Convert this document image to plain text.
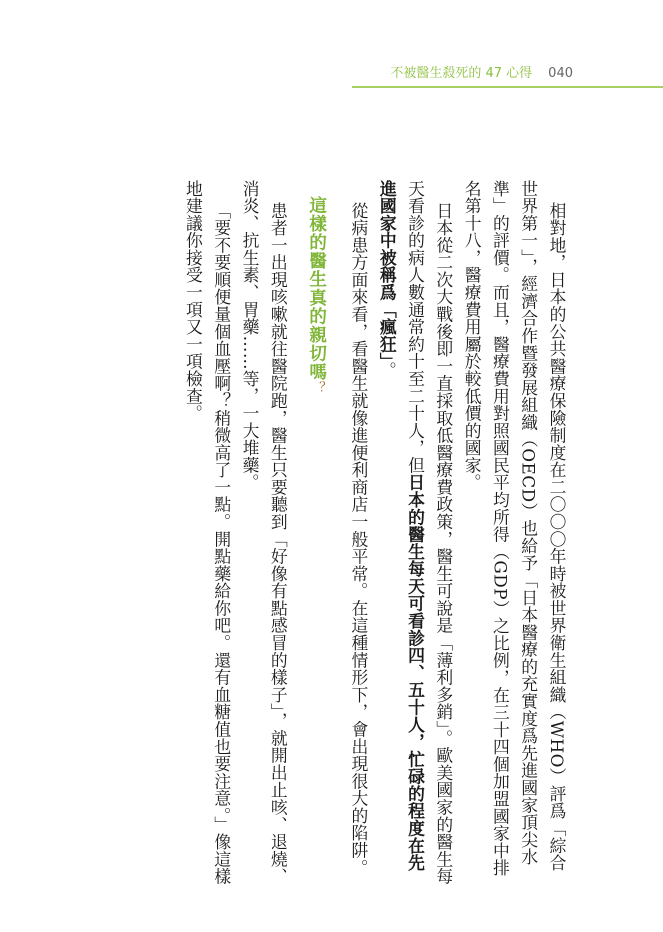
不被醫生殺死的 47 心得 040

相對地，日本的公共醫療保險制度在二〇〇〇年時被世界衛生組織（WHO）評爲「綜合世界第一」，經濟合作暨發展組織（OECD）也給予「日本醫療的充實度爲先進國家頂尖水準」的評價。而且，醫療費用對照國民平均所得（GDP）之比例，在三十四個加盟國家中排名第十八，醫療費用屬於較低價的國家。

日本從二次大戰後即一直採取低醫療費政策，醫生可說是「薄利多銷」。歐美國家的醫生每天看診的病人數通常約十至二十人，但日本的醫生每天可看診四、五十人，忙碌的程度在先進國家中被稱爲「瘋狂」。

從病患方面來看，看醫生就像進便利商店一般平常。在這種情形下，會出現很大的陷阱。

這樣的醫生真的親切嗎？

患者一出現咳嗽就往醫院跑，醫生只要聽到「好像有點感冒的樣子」，就開出止咳、退燒、消炎、抗生素、胃藥……等，一大堆藥。

「要不要順便量個血壓啊？稍微高了一點。開點藥給你吧。還有血糖值也要注意。」像這樣地建議你接受一項又一項檢查。
